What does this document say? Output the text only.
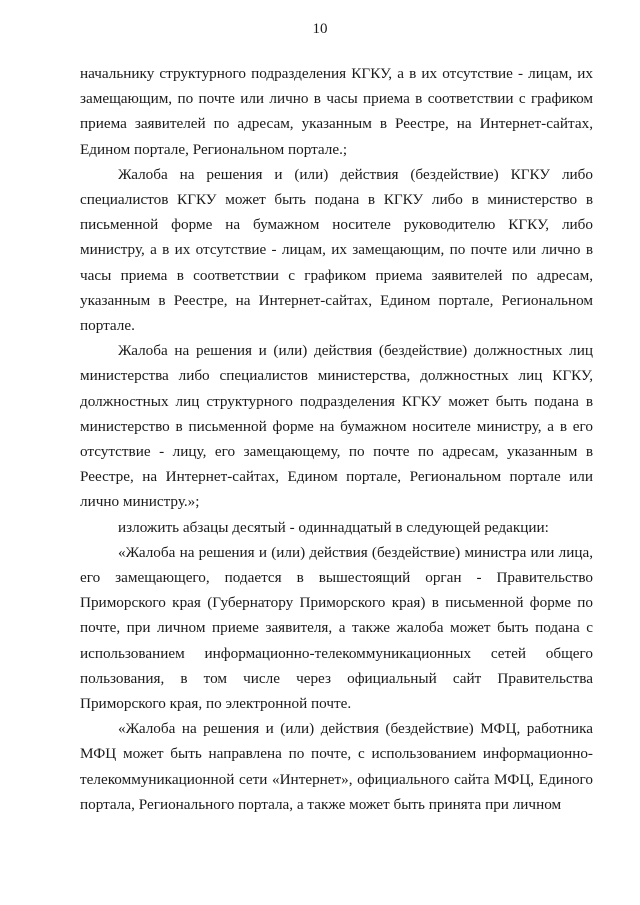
10

начальнику структурного подразделения КГКУ, а в их отсутствие - лицам, их замещающим, по почте или лично в часы приема в соответствии с графиком приема заявителей по адресам, указанным в Реестре, на Интернет-сайтах, Едином портале, Региональном портале.;

Жалоба на решения и (или) действия (бездействие) КГКУ либо специалистов КГКУ может быть подана в КГКУ либо в министерство в письменной форме на бумажном носителе руководителю КГКУ, либо министру, а в их отсутствие - лицам, их замещающим, по почте или лично в часы приема в соответствии с графиком приема заявителей по адресам, указанным в Реестре, на Интернет-сайтах, Едином портале, Региональном портале.

Жалоба на решения и (или) действия (бездействие) должностных лиц министерства либо специалистов министерства, должностных лиц КГКУ, должностных лиц структурного подразделения КГКУ может быть подана в министерство в письменной форме на бумажном носителе министру, а в его отсутствие - лицу, его замещающему, по почте по адресам, указанным в Реестре, на Интернет-сайтах, Едином портале, Региональном портале или лично министру.»;

изложить абзацы десятый - одиннадцатый в следующей редакции:

«Жалоба на решения и (или) действия (бездействие) министра или лица, его замещающего, подается в вышестоящий орган - Правительство Приморского края (Губернатору Приморского края) в письменной форме по почте, при личном приеме заявителя, а также жалоба может быть подана с использованием информационно-телекоммуникационных сетей общего пользования, в том числе через официальный сайт Правительства Приморского края, по электронной почте.

«Жалоба на решения и (или) действия (бездействие) МФЦ, работника МФЦ может быть направлена по почте, с использованием информационно-телекоммуникационной сети «Интернет», официального сайта МФЦ, Единого портала, Регионального портала, а также может быть принята при личном
